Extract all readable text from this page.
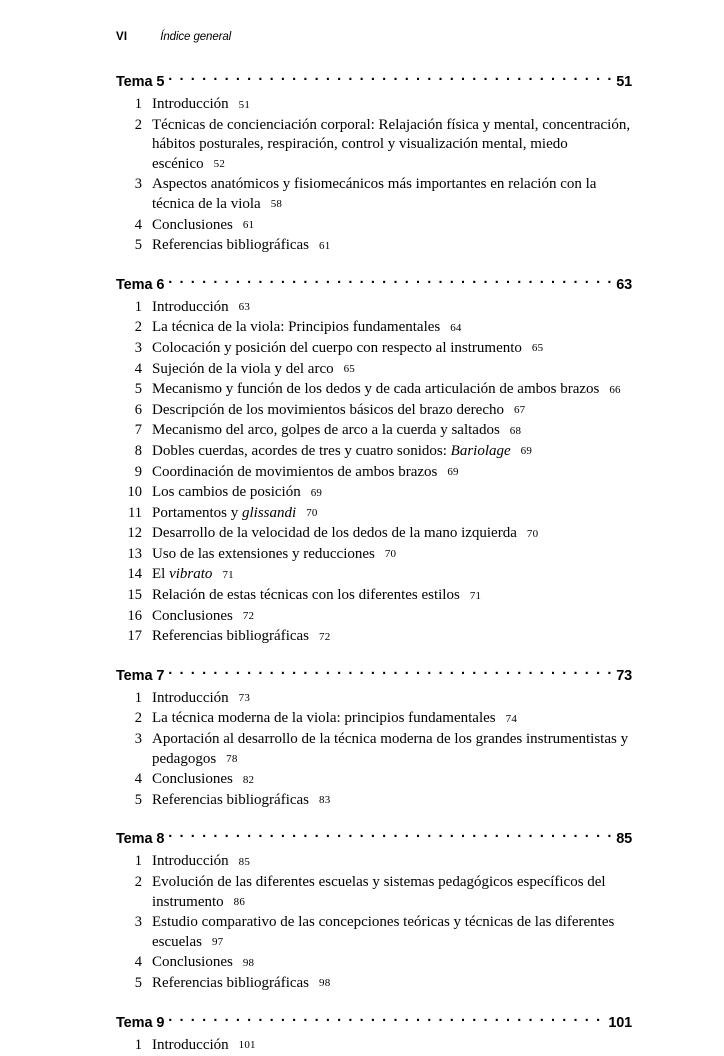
VI	Índice general
Tema 5 . . .	51
1 Introducción 51
2 Técnicas de concienciación corporal: Relajación física y mental, concentración, hábitos posturales, respiración, control y visualización mental, miedo escénico 52
3 Aspectos anatómicos y fisiomecánicos más importantes en relación con la técnica de la viola 58
4 Conclusiones 61
5 Referencias bibliográficas 61
Tema 6 . . .	63
1 Introducción 63
2 La técnica de la viola: Principios fundamentales 64
3 Colocación y posición del cuerpo con respecto al instrumento 65
4 Sujeción de la viola y del arco 65
5 Mecanismo y función de los dedos y de cada articulación de ambos brazos 66
6 Descripción de los movimientos básicos del brazo derecho 67
7 Mecanismo del arco, golpes de arco a la cuerda y saltados 68
8 Dobles cuerdas, acordes de tres y cuatro sonidos: Bariolage 69
9 Coordinación de movimientos de ambos brazos 69
10 Los cambios de posición 69
11 Portamentos y glissandi 70
12 Desarrollo de la velocidad de los dedos de la mano izquierda 70
13 Uso de las extensiones y reducciones 70
14 El vibrato 71
15 Relación de estas técnicas con los diferentes estilos 71
16 Conclusiones 72
17 Referencias bibliográficas 72
Tema 7 . . .	73
1 Introducción 73
2 La técnica moderna de la viola: principios fundamentales 74
3 Aportación al desarrollo de la técnica moderna de los grandes instrumentistas y pedagogos 78
4 Conclusiones 82
5 Referencias bibliográficas 83
Tema 8 . . .	85
1 Introducción 85
2 Evolución de las diferentes escuelas y sistemas pedagógicos específicos del instrumento 86
3 Estudio comparativo de las concepciones teóricas y técnicas de las diferentes escuelas 97
4 Conclusiones 98
5 Referencias bibliográficas 98
Tema 9 . . .	101
1 Introducción 101
